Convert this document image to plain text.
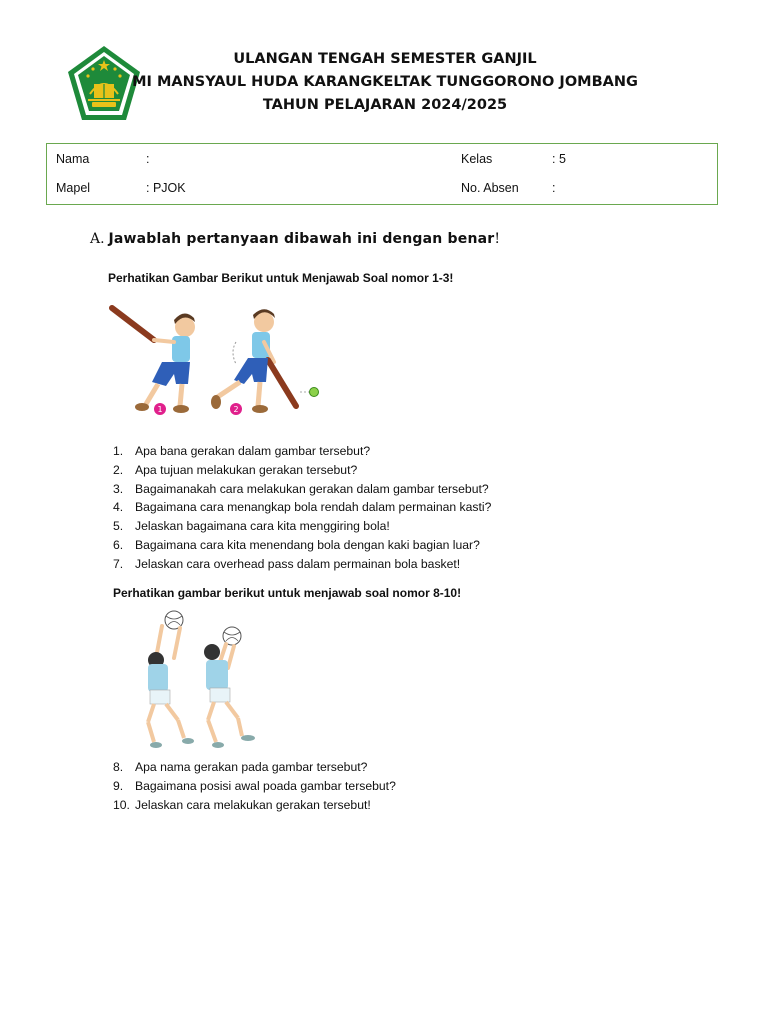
ULANGAN TENGAH SEMESTER GANJIL
MI MANSYAUL HUDA KARANGKELTAK TUNGGORONO JOMBANG
TAHUN PELAJARAN 2024/2025
Nama	:	Kelas	: 5
Mapel	: PJOK	No. Absen	:
A. Jawablah pertanyaan dibawah ini dengan benar!
Perhatikan Gambar Berikut untuk Menjawab Soal nomor 1-3!
1	2
1. Apa bana gerakan dalam gambar tersebut?
2. Apa tujuan melakukan gerakan tersebut?
3. Bagaimanakah cara melakukan gerakan dalam gambar tersebut?
4. Bagaimana cara menangkap bola rendah dalam permainan kasti?
5. Jelaskan bagaimana cara kita menggiring bola!
6. Bagaimana cara kita menendang bola dengan kaki bagian luar?
7. Jelaskan cara overhead pass dalam permainan bola basket!
Perhatikan gambar berikut untuk menjawab soal nomor 8-10!
8. Apa nama gerakan pada gambar tersebut?
9. Bagaimana posisi awal poada gambar tersebut?
10. Jelaskan cara melakukan gerakan tersebut!
